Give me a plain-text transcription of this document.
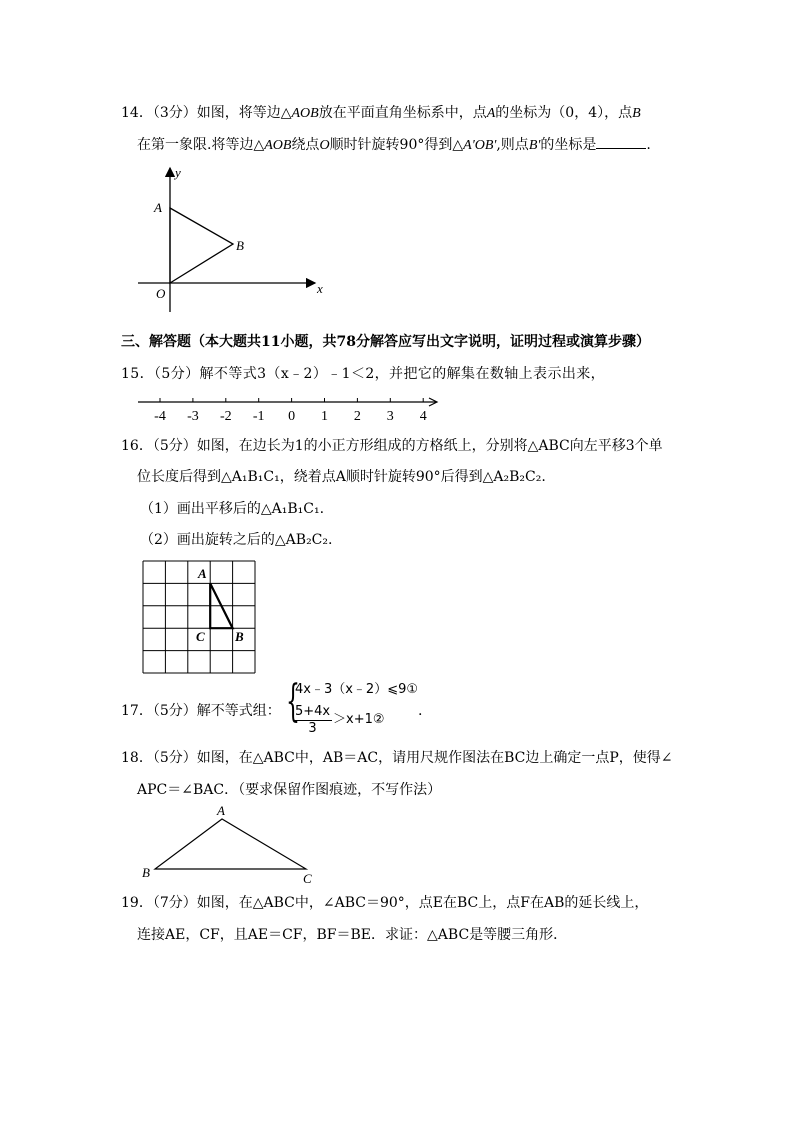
14．（3分）如图，将等边△AOB放在平面直角坐标系中，点A的坐标为（0，4），点B
在第一象限.将等边△AOB绕点O顺时针旋转90°得到△A'OB',则点B'的坐标是	.
y
x
A
B
O
三、解答题（本大题共11小题，共78分解答应写出文字说明，证明过程或演算步骤）
15．（5分）解不等式3（x﹣2）﹣1＜2，并把它的解集在数轴上表示出来，
-4 -3 -2 -1 0 1 2 3 4
16．（5分）如图，在边长为1的小正方形组成的方格纸上，分别将△ABC向左平移3个单
位长度后得到△A₁B₁C₁，绕着点A顺时针旋转90°后得到△A₂B₂C₂.
（1）画出平移后的△A₁B₁C₁.
（2）画出旋转之后的△AB₂C₂.
A
C B
17．（5分）解不等式组： {
4x﹣3（x﹣2）⩽9①
$\frac{5+4x}{3}$ ＞x+1②
.
18．（5分）如图，在△ABC中，AB＝AC，请用尺规作图法在BC边上确定一点P，使得∠
APC＝∠BAC．（要求保留作图痕迹，不写作法）
A
B	C
19．（7分）如图，在△ABC中，∠ABC＝90°，点E在BC上，点F在AB的延长线上，
连接AE，CF，且AE＝CF，BF＝BE．求证：△ABC是等腰三角形．
